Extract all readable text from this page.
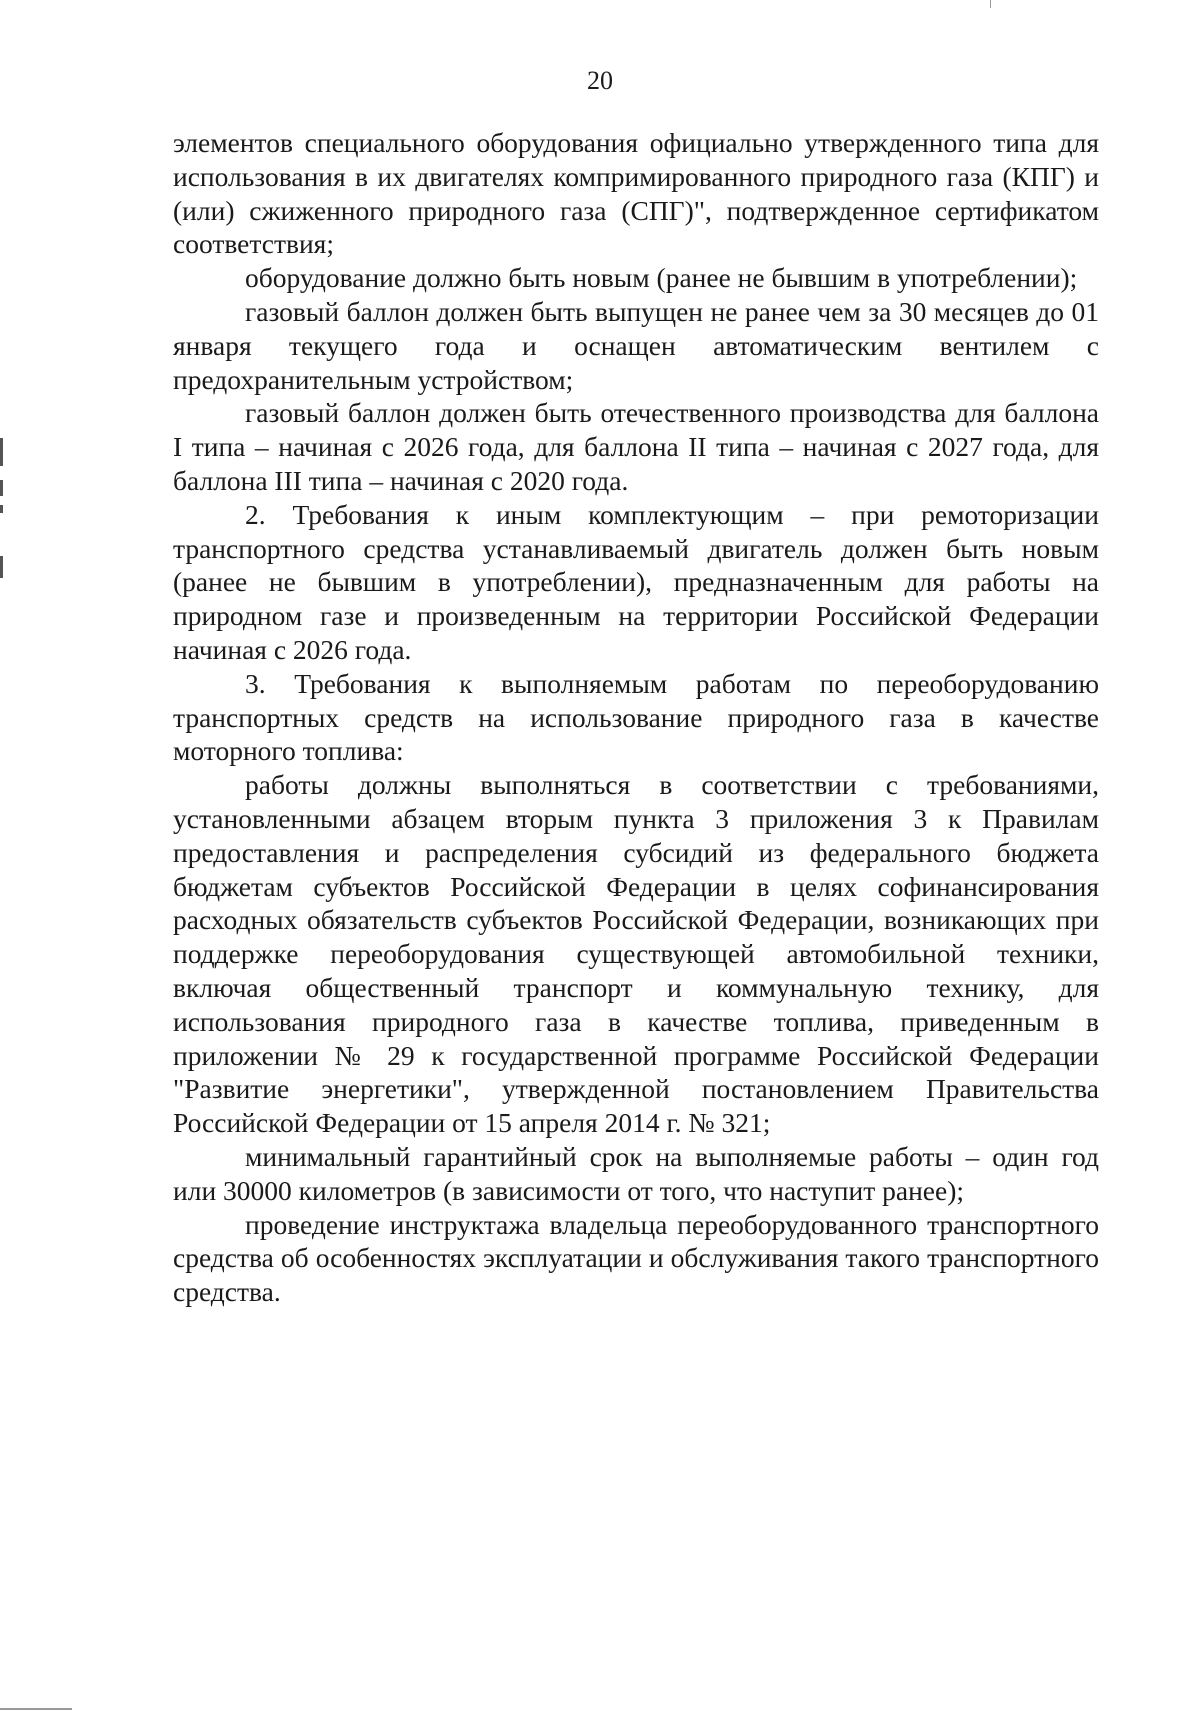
20

элементов специального оборудования официально утвержденного типа для использования в их двигателях компримированного природного газа (КПГ) и (или) сжиженного природного газа (СПГ)", подтвержденное сертификатом соответствия;

оборудование должно быть новым (ранее не бывшим в употреблении);

газовый баллон должен быть выпущен не ранее чем за 30 месяцев до 01 января текущего года и оснащен автоматическим вентилем с предохранительным устройством;

газовый баллон должен быть отечественного производства для баллона I типа – начиная с 2026 года, для баллона II типа – начиная с 2027 года, для баллона III типа – начиная с 2020 года.

2. Требования к иным комплектующим – при ремоторизации транспортного средства устанавливаемый двигатель должен быть новым (ранее не бывшим в употреблении), предназначенным для работы на природном газе и произведенным на территории Российской Федерации начиная с 2026 года.

3. Требования к выполняемым работам по переоборудованию транспортных средств на использование природного газа в качестве моторного топлива:

работы должны выполняться в соответствии с требованиями, установленными абзацем вторым пункта 3 приложения 3 к Правилам предоставления и распределения субсидий из федерального бюджета бюджетам субъектов Российской Федерации в целях софинансирования расходных обязательств субъектов Российской Федерации, возникающих при поддержке переоборудования существующей автомобильной техники, включая общественный транспорт и коммунальную технику, для использования природного газа в качестве топлива, приведенным в приложении № 29 к государственной программе Российской Федерации "Развитие энергетики", утвержденной постановлением Правительства Российской Федерации от 15 апреля 2014 г. № 321;

минимальный гарантийный срок на выполняемые работы – один год или 30000 километров (в зависимости от того, что наступит ранее);

проведение инструктажа владельца переоборудованного транспортного средства об особенностях эксплуатации и обслуживания такого транспортного средства.
